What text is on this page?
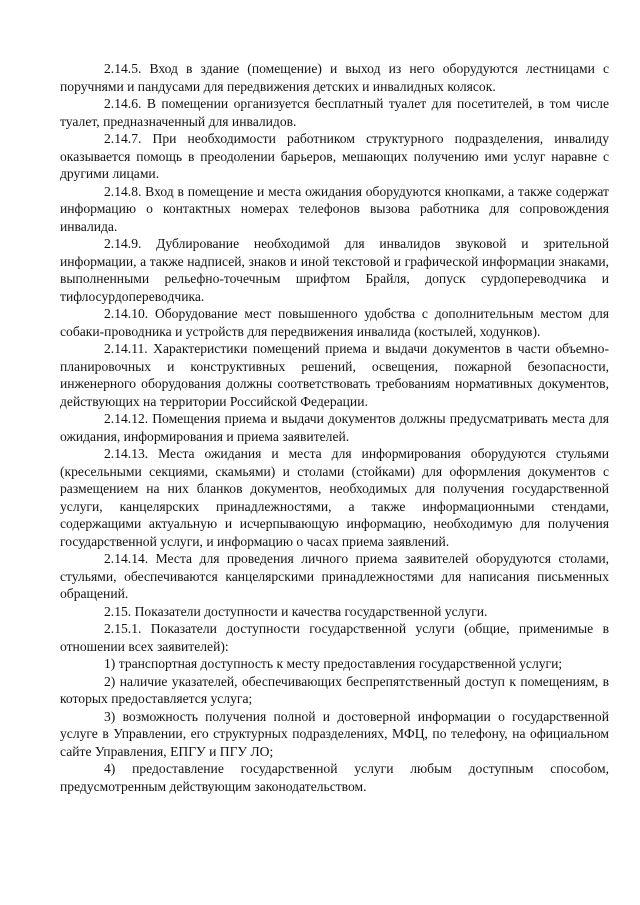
2.14.5. Вход в здание (помещение) и выход из него оборудуются лестницами с поручнями и пандусами для передвижения детских и инвалидных колясок.

2.14.6. В помещении организуется бесплатный туалет для посетителей, в том числе туалет, предназначенный для инвалидов.

2.14.7. При необходимости работником структурного подразделения, инвалиду оказывается помощь в преодолении барьеров, мешающих получению ими услуг наравне с другими лицами.

2.14.8. Вход в помещение и места ожидания оборудуются кнопками, а также содержат информацию о контактных номерах телефонов вызова работника для сопровождения инвалида.

2.14.9. Дублирование необходимой для инвалидов звуковой и зрительной информации, а также надписей, знаков и иной текстовой и графической информации знаками, выполненными рельефно-точечным шрифтом Брайля, допуск сурдопереводчика и тифлосурдопереводчика.

2.14.10. Оборудование мест повышенного удобства с дополнительным местом для собаки-проводника и устройств для передвижения инвалида (костылей, ходунков).

2.14.11. Характеристики помещений приема и выдачи документов в части объемно-планировочных и конструктивных решений, освещения, пожарной безопасности, инженерного оборудования должны соответствовать требованиям нормативных документов, действующих на территории Российской Федерации.

2.14.12. Помещения приема и выдачи документов должны предусматривать места для ожидания, информирования и приема заявителей.

2.14.13. Места ожидания и места для информирования оборудуются стульями (кресельными секциями, скамьями) и столами (стойками) для оформления документов с размещением на них бланков документов, необходимых для получения государственной услуги, канцелярских принадлежностями, а также информационными стендами, содержащими актуальную и исчерпывающую информацию, необходимую для получения государственной услуги, и информацию о часах приема заявлений.

2.14.14. Места для проведения личного приема заявителей оборудуются столами, стульями, обеспечиваются канцелярскими принадлежностями для написания письменных обращений.

2.15. Показатели доступности и качества государственной услуги.

2.15.1. Показатели доступности государственной услуги (общие, применимые в отношении всех заявителей):

1) транспортная доступность к месту предоставления государственной услуги;

2) наличие указателей, обеспечивающих беспрепятственный доступ к помещениям, в которых предоставляется услуга;

3) возможность получения полной и достоверной информации о государственной услуге в Управлении, его структурных подразделениях, МФЦ, по телефону, на официальном сайте Управления, ЕПГУ и ПГУ ЛО;

4) предоставление государственной услуги любым доступным способом, предусмотренным действующим законодательством.
